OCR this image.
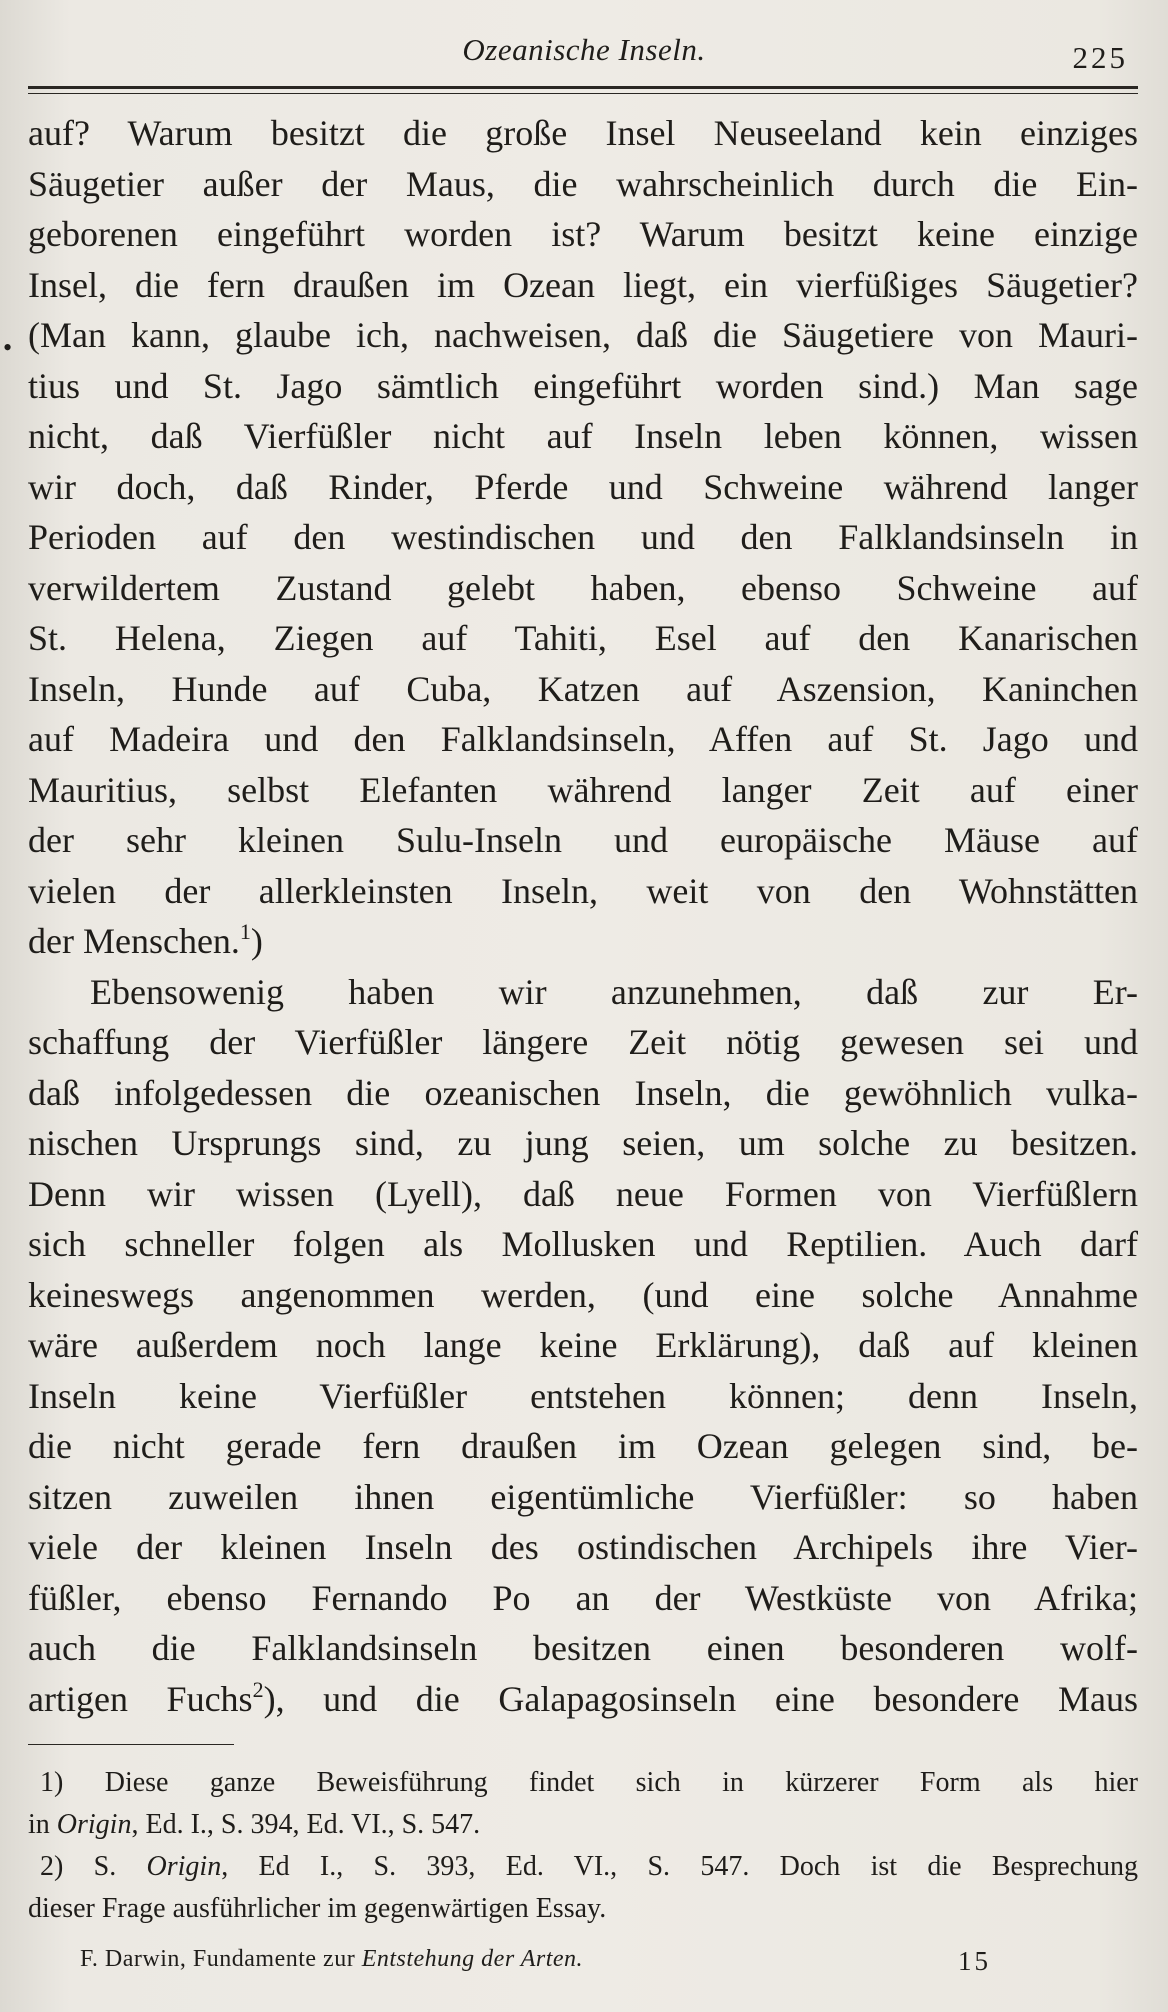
Ozeanische Inseln.	225
•
auf? Warum besitzt die große Insel Neuseeland kein einziges
Säugetier außer der Maus, die wahrscheinlich durch die Ein-
geborenen eingeführt worden ist? Warum besitzt keine einzige
Insel, die fern draußen im Ozean liegt, ein vierfüßiges Säugetier?
(Man kann, glaube ich, nachweisen, daß die Säugetiere von Mauri-
tius und St. Jago sämtlich eingeführt worden sind.) Man sage
nicht, daß Vierfüßler nicht auf Inseln leben können, wissen
wir doch, daß Rinder, Pferde und Schweine während langer
Perioden auf den westindischen und den Falklandsinseln in
verwildertem Zustand gelebt haben, ebenso Schweine auf
St. Helena, Ziegen auf Tahiti, Esel auf den Kanarischen
Inseln, Hunde auf Cuba, Katzen auf Aszension, Kaninchen
auf Madeira und den Falklandsinseln, Affen auf St. Jago und
Mauritius, selbst Elefanten während langer Zeit auf einer
der sehr kleinen Sulu-Inseln und europäische Mäuse auf
vielen der allerkleinsten Inseln, weit von den Wohnstätten
der Menschen.$^1$)
Ebensowenig haben wir anzunehmen, daß zur Er-
schaffung der Vierfüßler längere Zeit nötig gewesen sei und
daß infolgedessen die ozeanischen Inseln, die gewöhnlich vulka-
nischen Ursprungs sind, zu jung seien, um solche zu besitzen.
Denn wir wissen (Lyell), daß neue Formen von Vierfüßlern
sich schneller folgen als Mollusken und Reptilien. Auch darf
keineswegs angenommen werden, (und eine solche Annahme
wäre außerdem noch lange keine Erklärung), daß auf kleinen
Inseln keine Vierfüßler entstehen können; denn Inseln,
die nicht gerade fern draußen im Ozean gelegen sind, be-
sitzen zuweilen ihnen eigentümliche Vierfüßler: so haben
viele der kleinen Inseln des ostindischen Archipels ihre Vier-
füßler, ebenso Fernando Po an der Westküste von Afrika;
auch die Falklandsinseln besitzen einen besonderen wolf-
artigen Fuchs$^2$), und die Galapagosinseln eine besondere Maus
1) Diese ganze Beweisführung findet sich in kürzerer Form als hier
in Origin, Ed. I., S. 394, Ed. VI., S. 547.
2) S. Origin, Ed I., S. 393, Ed. VI., S. 547. Doch ist die Besprechung
dieser Frage ausführlicher im gegenwärtigen Essay.
F. Darwin, Fundamente zur Entstehung der Arten.	15
